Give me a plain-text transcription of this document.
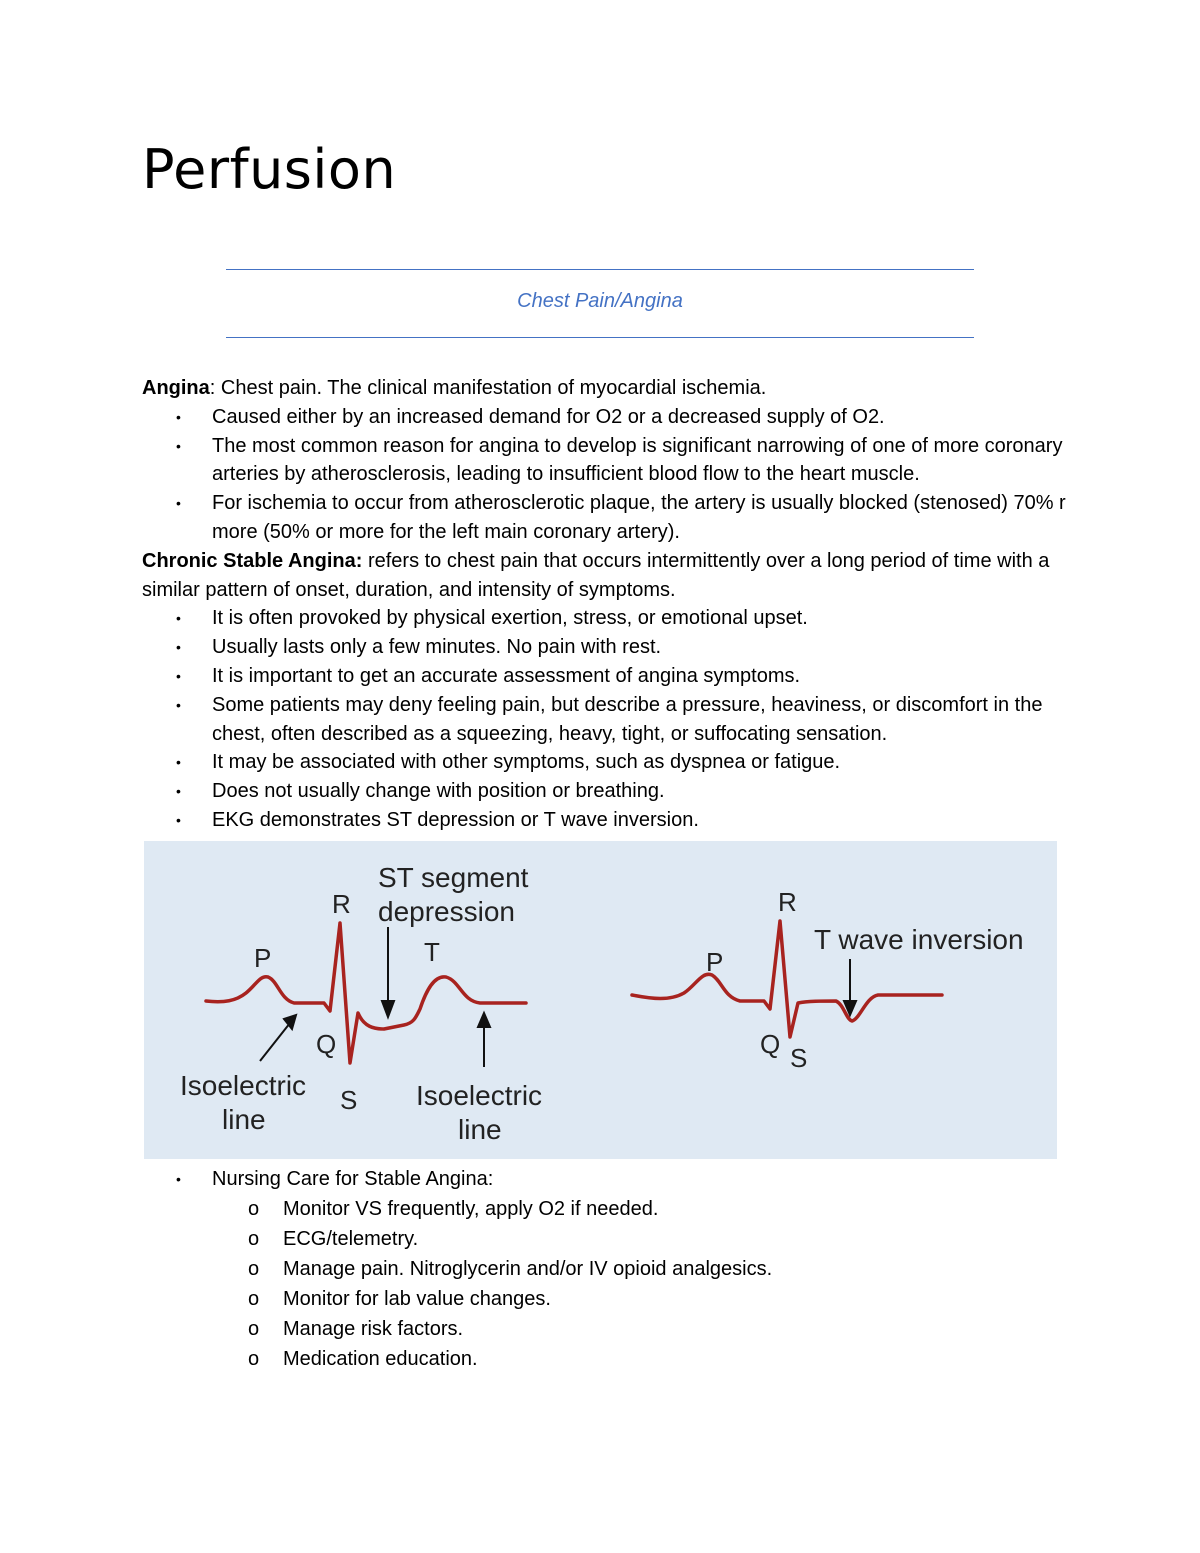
Perfusion
Chest Pain/Angina

Angina: Chest pain. The clinical manifestation of myocardial ischemia.

• Caused either by an increased demand for O2 or a decreased supply of O2.
• The most common reason for angina to develop is significant narrowing of one of more coronary arteries by atherosclerosis, leading to insufficient blood flow to the heart muscle.
• For ischemia to occur from atherosclerotic plaque, the artery is usually blocked (stenosed) 70% r more (50% or more for the left main coronary artery).

Chronic Stable Angina: refers to chest pain that occurs intermittently over a long period of time with a similar pattern of onset, duration, and intensity of symptoms.

• It is often provoked by physical exertion, stress, or emotional upset.
• Usually lasts only a few minutes. No pain with rest.
• It is important to get an accurate assessment of angina symptoms.
• Some patients may deny feeling pain, but describe a pressure, heaviness, or discomfort in the chest, often described as a squeezing, heavy, tight, or suffocating sensation.
• It may be associated with other symptoms, such as dyspnea or fatigue.
• Does not usually change with position or breathing.
• EKG demonstrates ST depression or T wave inversion.
ST segment
depression
R
P	T
Q
S
Isoelectric
line
Isoelectric
line
R
P
T wave inversion
Q S
• Nursing Care for Stable Angina:
o Monitor VS frequently, apply O2 if needed.
o ECG/telemetry.
o Manage pain. Nitroglycerin and/or IV opioid analgesics.
o Monitor for lab value changes.
o Manage risk factors.
o Medication education.
